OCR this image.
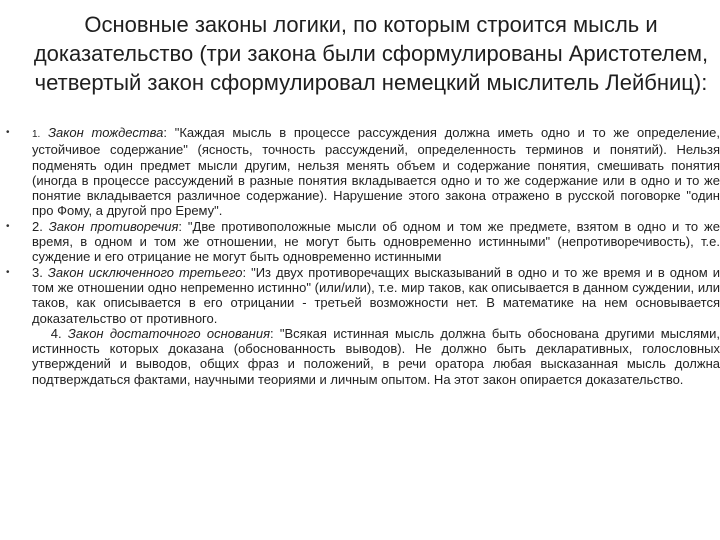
Основные законы логики, по которым строится мысль и доказательство (три закона были сформулированы Аристотелем, четвертый закон сформулировал немецкий мыслитель Лейбниц):
• 1. Закон тождества: "Каждая мысль в процессе рассуждения должна иметь одно и то же определение, устойчивое содержание" (ясность, точность рассуждений, определенность терминов и понятий). Нельзя подменять один предмет мысли другим, нельзя менять объем и содержание понятия, смешивать понятия (иногда в процессе рассуждений в разные понятия вкладывается одно и то же содержание или в одно и то же понятие вкладывается различное содержание). Нарушение этого закона отражено в русской поговорке "один про Фому, а другой про Ерему".

• 2. Закон противоречия: "Две противоположные мысли об одном и том же предмете, взятом в одно и то же время, в одном и том же отношении, не могут быть одновременно истинными" (непротиворечивость), т.е. суждение и его отрицание не могут быть одновременно истинными

• 3. Закон исключенного третьего: "Из двух противоречащих высказываний в одно и то же время и в одном и том же отношении одно непременно истинно" (или/или), т.е. мир таков, как описывается в данном суждении, или таков, как описывается в его отрицании - третьей возможности нет. В математике на нем основывается доказательство от противного.

4. Закон достаточного основания: "Всякая истинная мысль должна быть обоснована другими мыслями, истинность которых доказана (обоснованность выводов). Не должно быть декларативных, голословных утверждений и выводов, общих фраз и положений, в речи оратора любая высказанная мысль должна подтверждаться фактами, научными теориями и личным опытом. На этот закон опирается доказательство.
